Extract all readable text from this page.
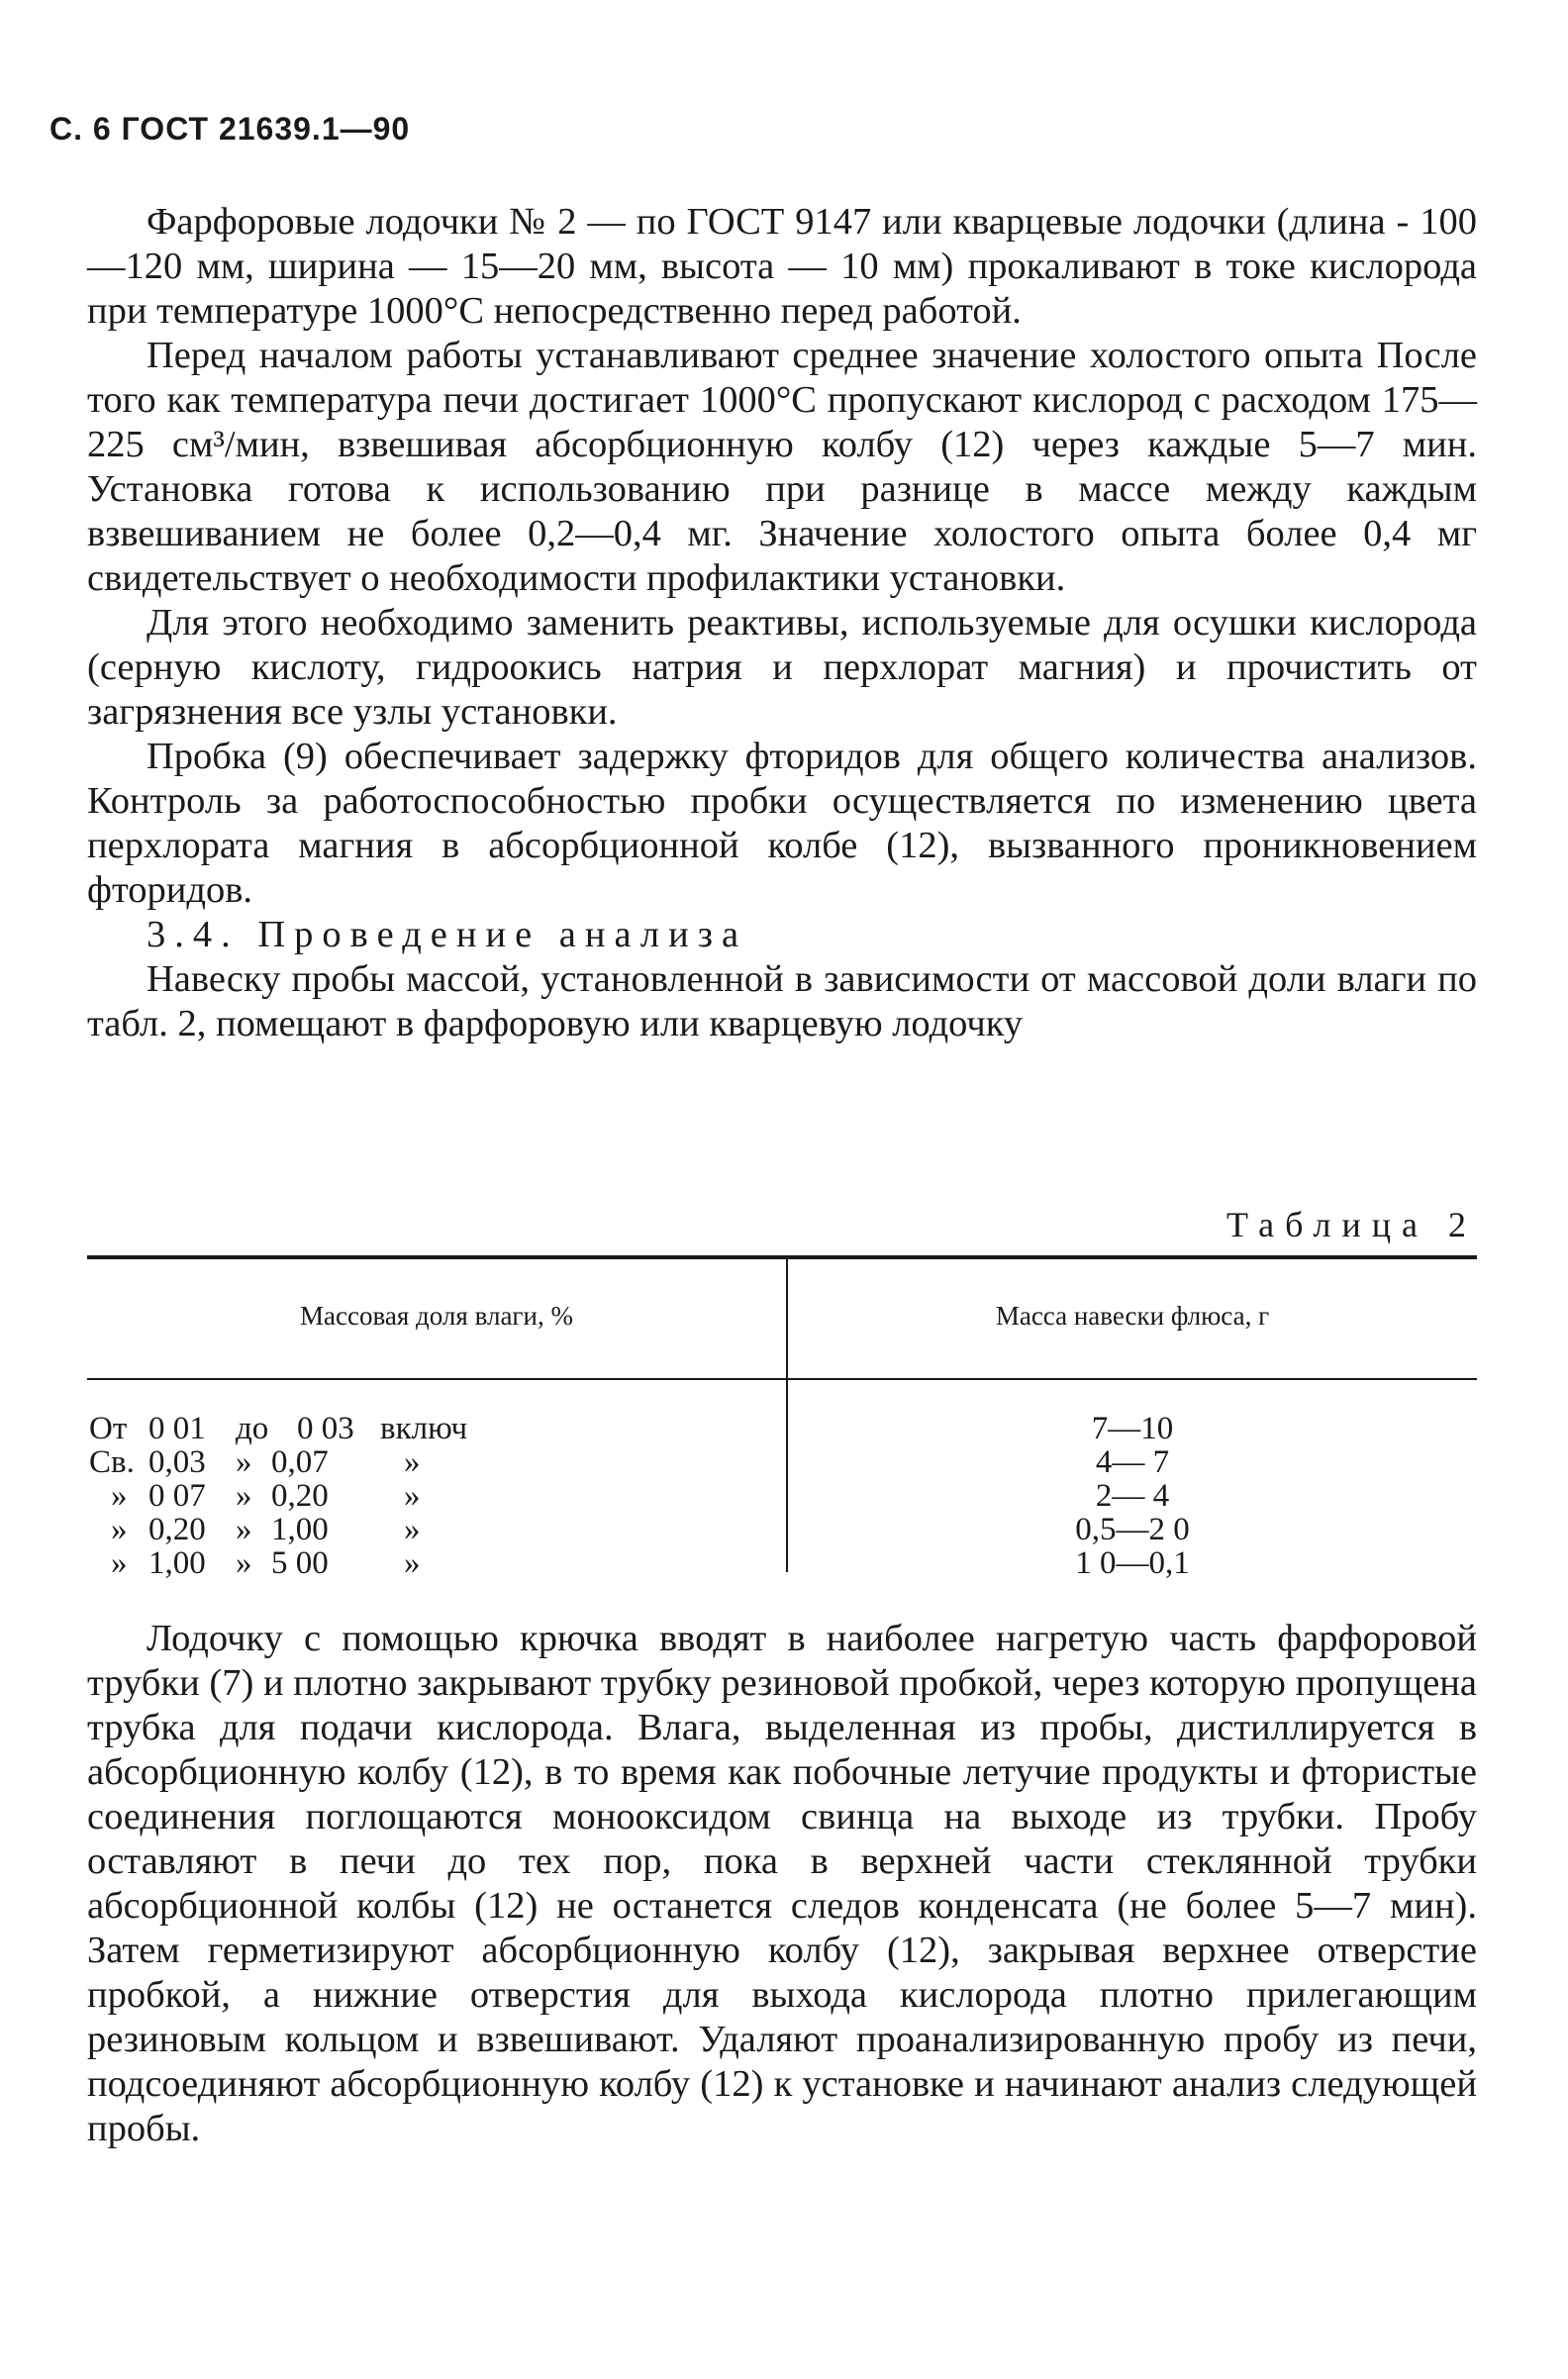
С. 6 ГОСТ 21639.1—90

Фарфоровые лодочки № 2 — по ГОСТ 9147 или кварцевые лодочки (длина - 100—120 мм, ширина — 15—20 мм, высота — 10 мм) прокаливают в токе кислорода при температуре 1000°С непосредственно перед работой.

Перед началом работы устанавливают среднее значение холостого опыта После того как температура печи достигает 1000°С пропускают кислород с расходом 175—225 см³/мин, взвешивая абсорбционную колбу (12) через каждые 5—7 мин. Установка готова к использованию при разнице в массе между каждым взвешиванием не более 0,2—0,4 мг. Значение холостого опыта более 0,4 мг свидетельствует о необходимости профилактики установки.

Для этого необходимо заменить реактивы, используемые для осушки кислорода (серную кислоту, гидроокись натрия и перхлорат магния) и прочистить от загрязнения все узлы установки.

Пробка (9) обеспечивает задержку фторидов для общего количества анализов. Контроль за работоспособностью пробки осуществляется по изменению цвета перхлората магния в абсорбционной колбе (12), вызванного проникновением фторидов.

3.4. Проведение анализа

Навеску пробы массой, установленной в зависимости от массовой доли влаги по табл. 2, помещают в фарфоровую или кварцевую лодочку

Таблица 2
Массовая доля влаги, %	Масса навески флюса, г
От 0 01 до 0 03 включ
Св. 0,03 » 0,07 »
» 0 07 » 0,20 »
» 0,20 » 1,00 »
» 1,00 » 5 00 »
7—10
4— 7
2— 4
0,5—2 0
1 0—0,1

Лодочку с помощью крючка вводят в наиболее нагретую часть фарфоровой трубки (7) и плотно закрывают трубку резиновой пробкой, через которую пропущена трубка для подачи кислорода. Влага, выделенная из пробы, дистиллируется в абсорбционную колбу (12), в то время как побочные летучие продукты и фтористые соединения поглощаются монооксидом свинца на выходе из трубки. Пробу оставляют в печи до тех пор, пока в верхней части стеклянной трубки абсорбционной колбы (12) не останется следов конденсата (не более 5—7 мин). Затем герметизируют абсорбционную колбу (12), закрывая верхнее отверстие пробкой, а нижние отверстия для выхода кислорода плотно прилегающим резиновым кольцом и взвешивают. Удаляют проанализированную пробу из печи, подсоединяют абсорбционную колбу (12) к установке и начинают анализ следующей пробы.
